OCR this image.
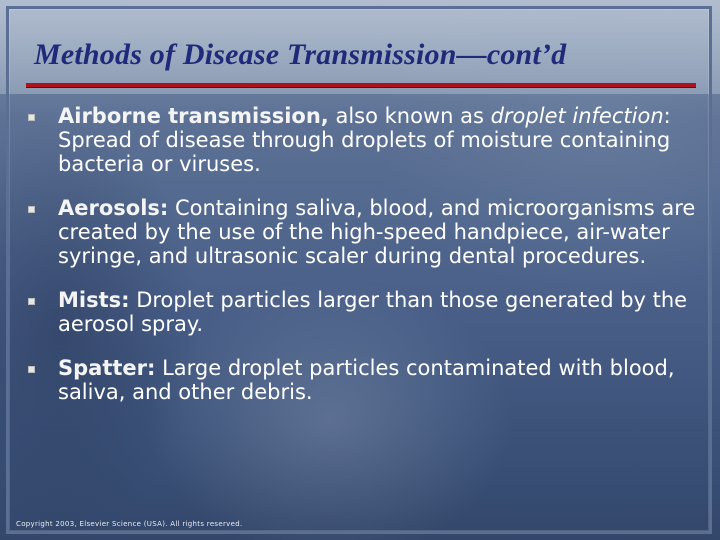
Methods of Disease Transmission—cont’d
Airborne transmission, also known as droplet infection: Spread of disease through droplets of moisture containing bacteria or viruses.
Aerosols: Containing saliva, blood, and microorganisms are created by the use of the high-speed handpiece, air-water syringe, and ultrasonic scaler during dental procedures.
Mists: Droplet particles larger than those generated by the aerosol spray.
Spatter: Large droplet particles contaminated with blood, saliva, and other debris.
Copyright 2003, Elsevier Science (USA). All rights reserved.
